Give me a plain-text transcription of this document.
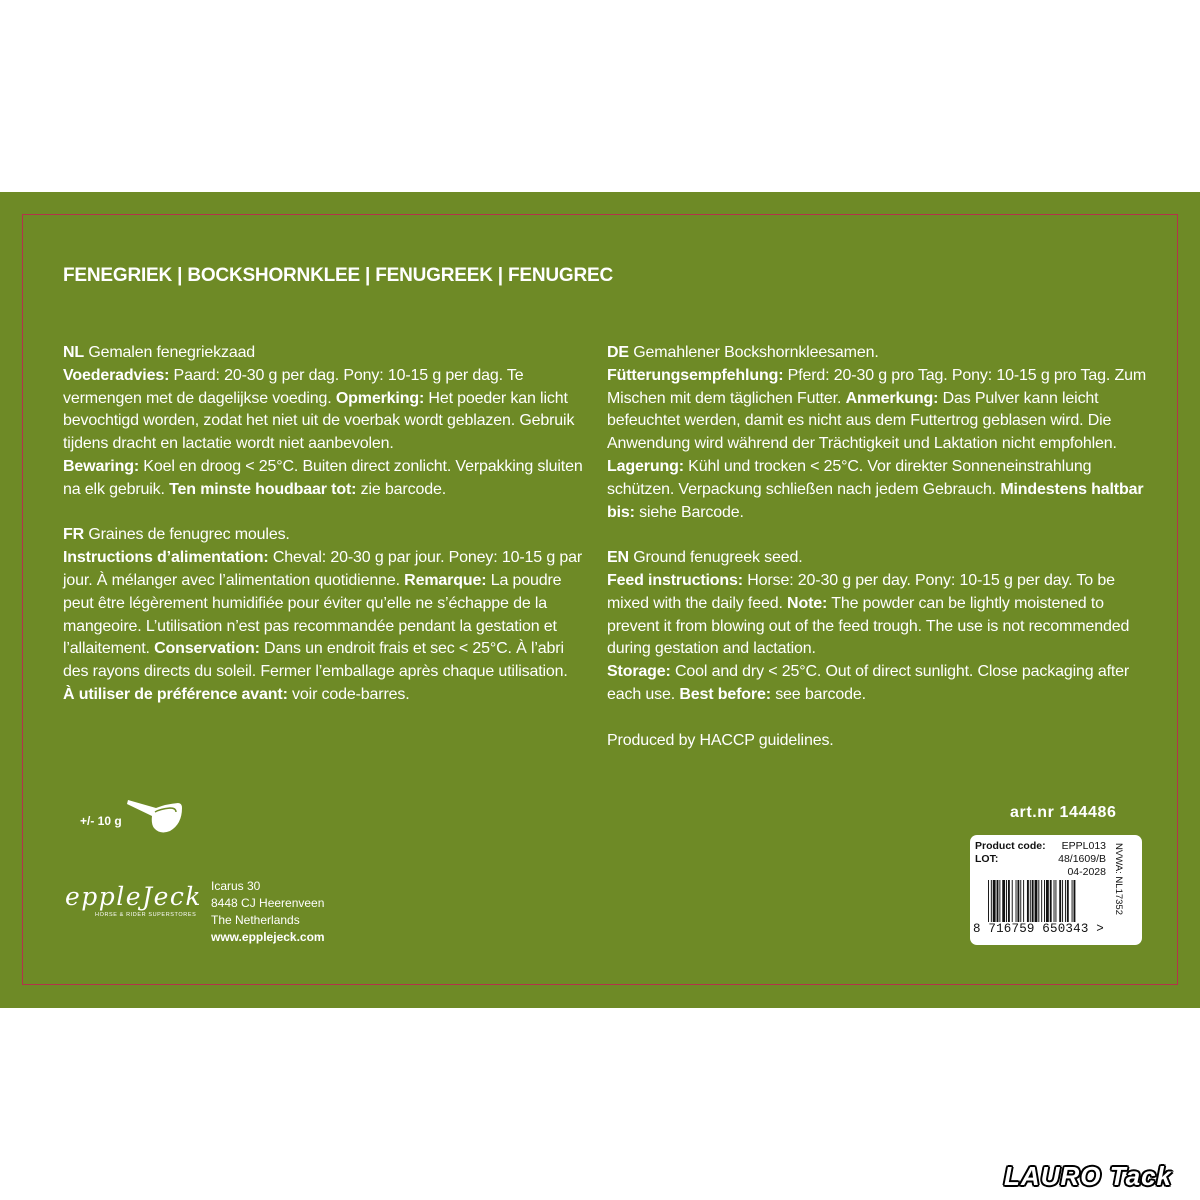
FENEGRIEK | BOCKSHORNKLEE | FENUGREEK | FENUGREC

NL Gemalen fenegriekzaad

Voederadvies: Paard: 20-30 g per dag. Pony: 10-15 g per dag. Te vermengen met de dagelijkse voeding. Opmerking: Het poeder kan licht bevochtigd worden, zodat het niet uit de voerbak wordt geblazen. Gebruik tijdens dracht en lactatie wordt niet aanbevolen.

Bewaring: Koel en droog < 25°C. Buiten direct zonlicht. Verpakking sluiten na elk gebruik. Ten minste houdbaar tot: zie barcode.

FR Graines de fenugrec moules.

Instructions d’alimentation: Cheval: 20-30 g par jour. Poney: 10-15 g par jour. À mélanger avec l’alimentation quotidienne. Remarque: La poudre peut être légèrement humidifiée pour éviter qu’elle ne s’échappe de la mangeoire. L’utilisation n’est pas recommandée pendant la gestation et l’allaitement. Conservation: Dans un endroit frais et sec < 25°C. À l’abri des rayons directs du soleil. Fermer l’emballage après chaque utilisation.

À utiliser de préférence avant: voir code-barres.

DE Gemahlener Bockshornkleesamen.

Fütterungsempfehlung: Pferd: 20-30 g pro Tag. Pony: 10-15 g pro Tag. Zum Mischen mit dem täglichen Futter. Anmerkung: Das Pulver kann leicht befeuchtet werden, damit es nicht aus dem Futtertrog geblasen wird. Die Anwendung wird während der Trächtigkeit und Laktation nicht empfohlen.

Lagerung: Kühl und trocken < 25°C. Vor direkter Sonneneinstrahlung schützen. Verpackung schließen nach jedem Gebrauch. Mindestens haltbar bis: siehe Barcode.

EN Ground fenugreek seed.

Feed instructions: Horse: 20-30 g per day. Pony: 10-15 g per day. To be mixed with the daily feed. Note: The powder can be lightly moistened to prevent it from blowing out of the feed trough. The use is not recommended during gestation and lactation.

Storage: Cool and dry < 25°C. Out of direct sunlight. Close packaging after each use. Best before: see barcode.

Produced by HACCP guidelines.

+/- 10 g	art.nr 144486
eppleJeck
HORSE & RIDER SUPERSTORES
Icarus 30
8448 CJ Heerenveen
The Netherlands
www.epplejeck.com
Product code: EPPL013
LOT:	48/1609/B
04-2028 NVWA: NL17352
8 716759 650343 >
LAURO Tack
